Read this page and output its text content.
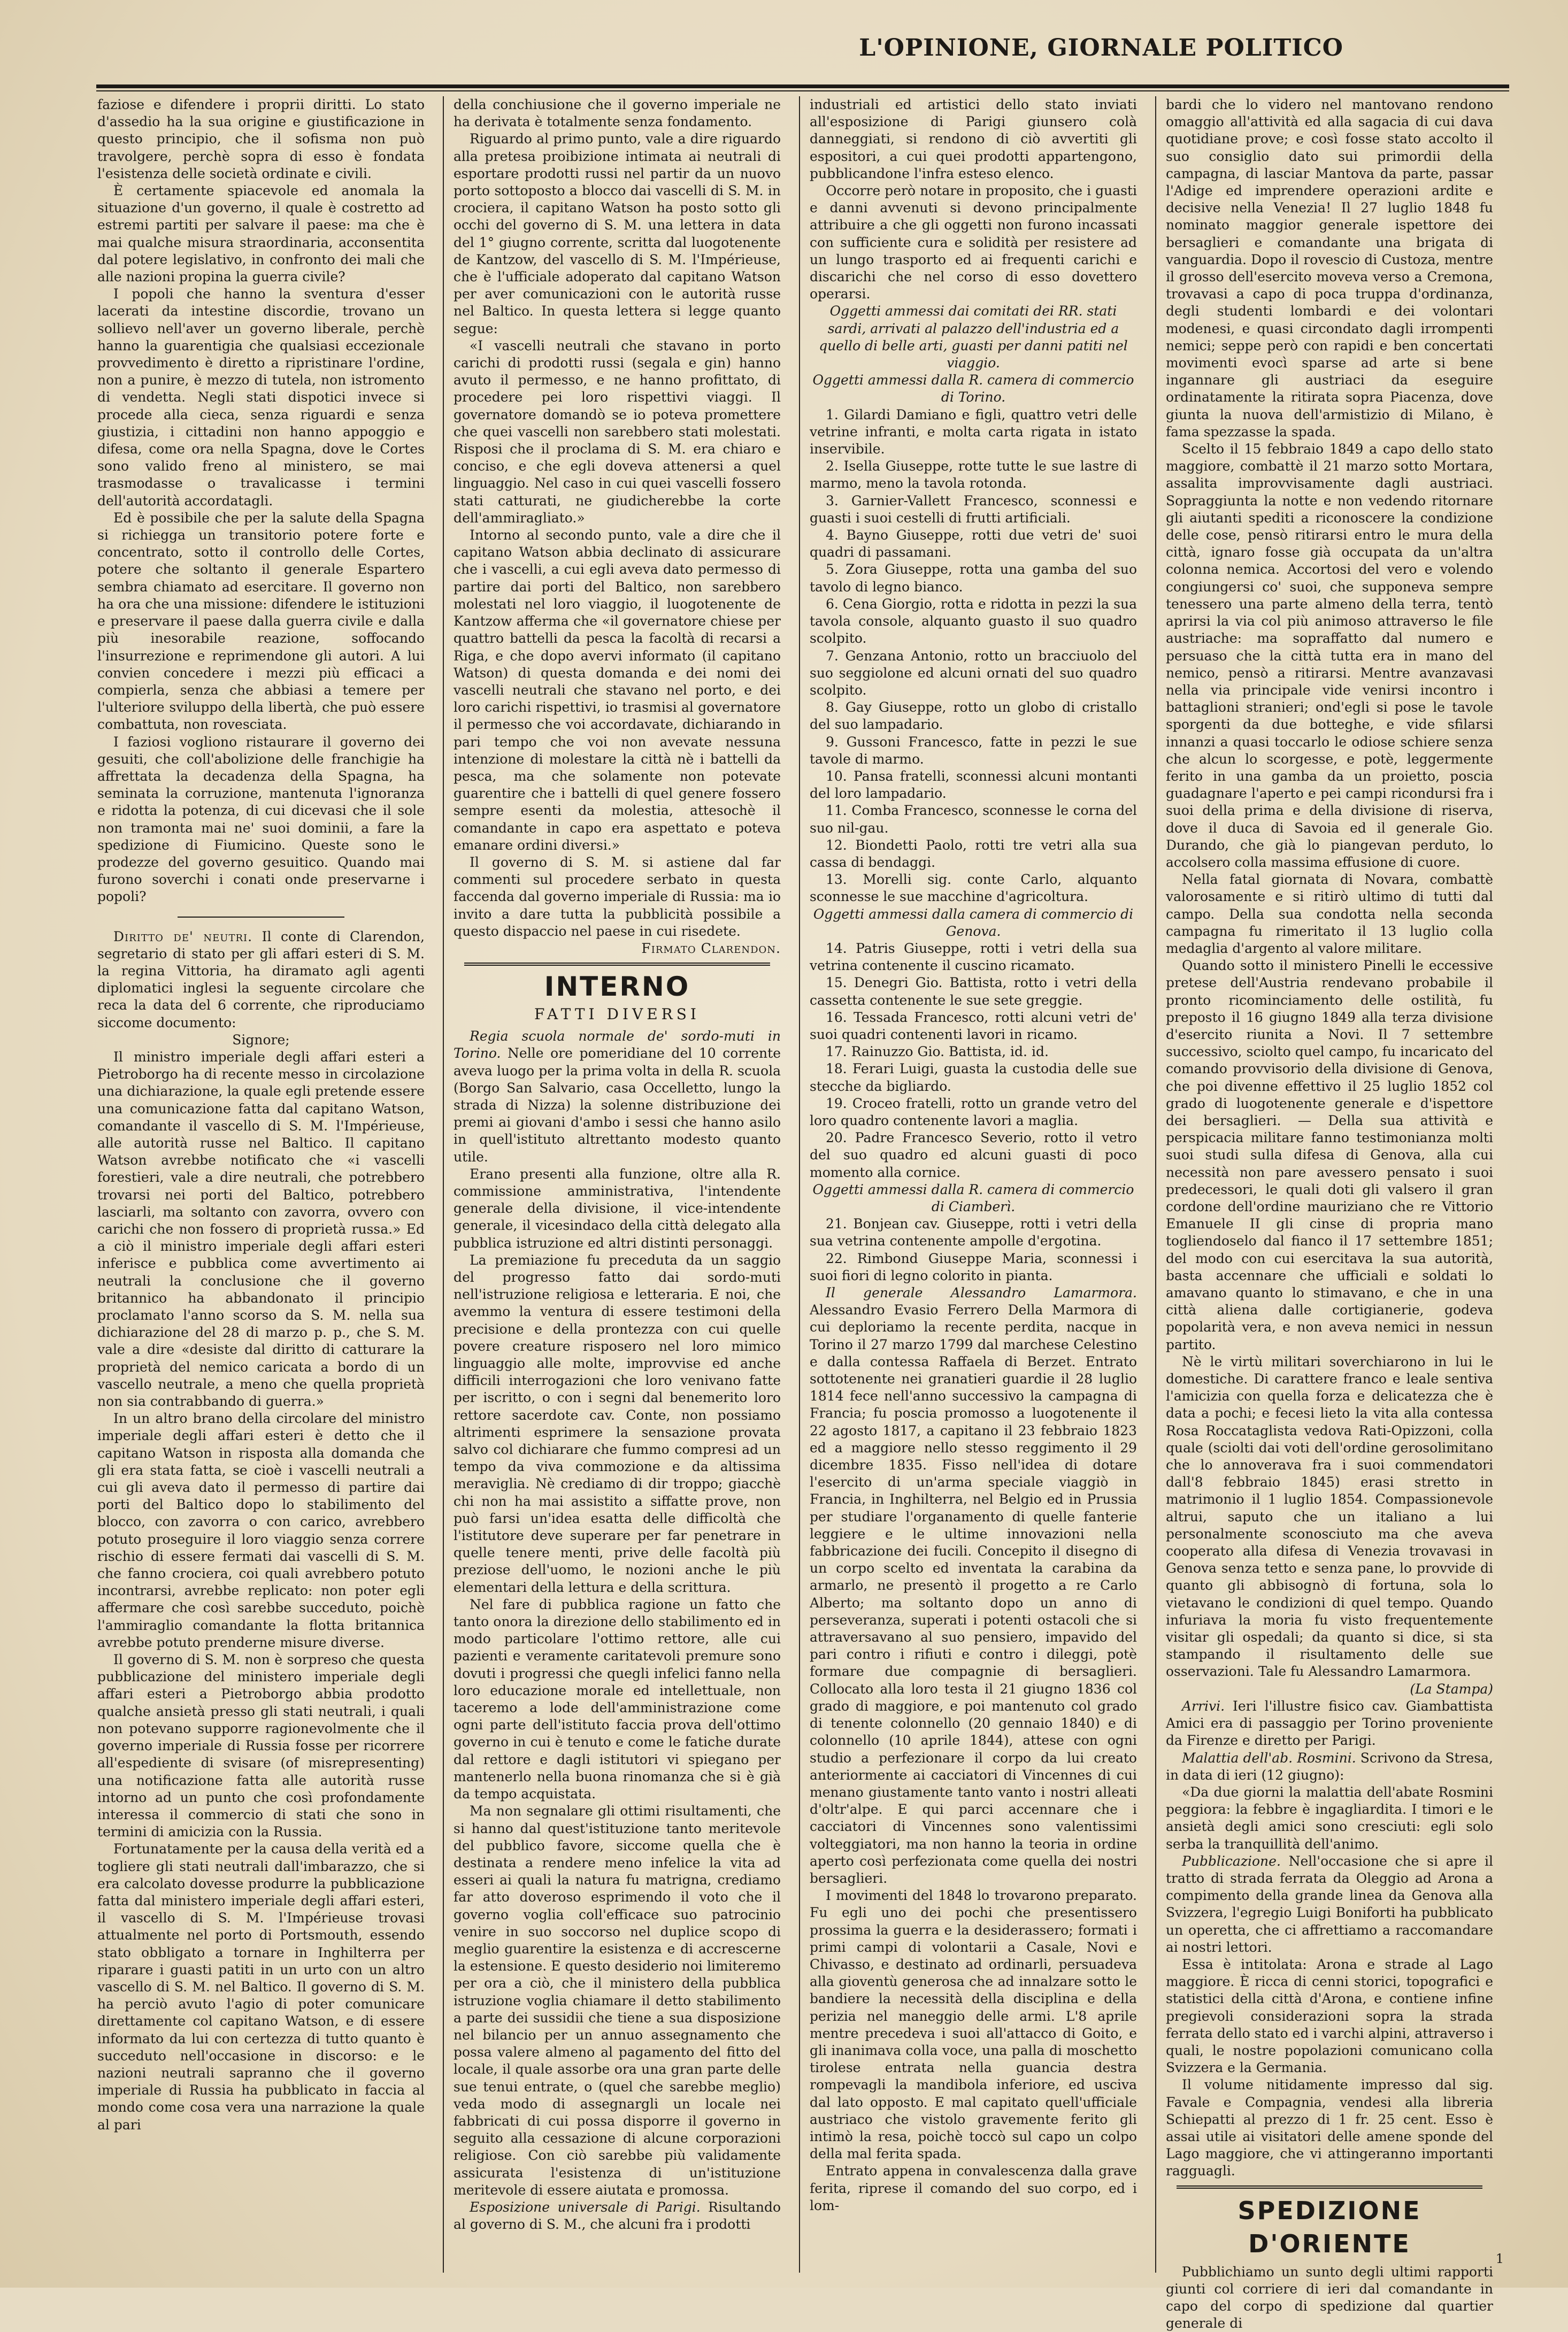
L'OPINIONE, GIORNALE POLITICO

faziose e difendere i proprii diritti. Lo stato d'assedio ha la sua origine e giustificazione in questo principio, che il sofisma non può travolgere, perchè sopra di esso è fondata l'esistenza delle società ordinate e civili.

È certamente spiacevole ed anomala la situazione d'un governo, il quale è costretto ad estremi partiti per salvare il paese: ma che è mai qualche misura straordinaria, acconsentita dal potere legislativo, in confronto dei mali che alle nazioni propina la guerra civile?

I popoli che hanno la sventura d'esser lacerati da intestine discordie, trovano un sollievo nell'aver un governo liberale, perchè hanno la guarentigia che qualsiasi eccezionale provvedimento è diretto a ripristinare l'ordine, non a punire, è mezzo di tutela, non istromento di vendetta. Negli stati dispotici invece si procede alla cieca, senza riguardi e senza giustizia, i cittadini non hanno appoggio e difesa, come ora nella Spagna, dove le Cortes sono valido freno al ministero, se mai trasmodasse o travalicasse i termini dell'autorità accordatagli.

Ed è possibile che per la salute della Spagna si richiegga un transitorio potere forte e concentrato, sotto il controllo delle Cortes, potere che soltanto il generale Espartero sembra chiamato ad esercitare. Il governo non ha ora che una missione: difendere le istituzioni e preservare il paese dalla guerra civile e dalla più inesorabile reazione, soffocando l'insurrezione e reprimendone gli autori. A lui convien concedere i mezzi più efficaci a compierla, senza che abbiasi a temere per l'ulteriore sviluppo della libertà, che può essere combattuta, non rovesciata.

I faziosi vogliono ristaurare il governo dei gesuiti, che coll'abolizione delle franchigie ha affrettata la decadenza della Spagna, ha seminata la corruzione, mantenuta l'ignoranza e ridotta la potenza, di cui dicevasi che il sole non tramonta mai ne' suoi dominii, a fare la spedizione di Fiumicino. Queste sono le prodezze del governo gesuitico. Quando mai furono soverchi i conati onde preservarne i popoli?

Diritto de' neutri. Il conte di Clarendon, segretario di stato per gli affari esteri di S. M. la regina Vittoria, ha diramato agli agenti diplomatici inglesi la seguente circolare che reca la data del 6 corrente, che riproduciamo siccome documento:

Signore;

Il ministro imperiale degli affari esteri a Pietroborgo ha di recente messo in circolazione una dichiarazione, la quale egli pretende essere una comunicazione fatta dal capitano Watson, comandante il vascello di S. M. l'Impérieuse, alle autorità russe nel Baltico. Il capitano Watson avrebbe notificato che «i vascelli forestieri, vale a dire neutrali, che potrebbero trovarsi nei porti del Baltico, potrebbero lasciarli, ma soltanto con zavorra, ovvero con carichi che non fossero di proprietà russa.» Ed a ciò il ministro imperiale degli affari esteri inferisce e pubblica come avvertimento ai neutrali la conclusione che il governo britannico ha abbandonato il principio proclamato l'anno scorso da S. M. nella sua dichiarazione del 28 di marzo p. p., che S. M. vale a dire «desiste dal diritto di catturare la proprietà del nemico caricata a bordo di un vascello neutrale, a meno che quella proprietà non sia contrabbando di guerra.»

In un altro brano della circolare del ministro imperiale degli affari esteri è detto che il capitano Watson in risposta alla domanda che gli era stata fatta, se cioè i vascelli neutrali a cui gli aveva dato il permesso di partire dai porti del Baltico dopo lo stabilimento del blocco, con zavorra o con carico, avrebbero potuto proseguire il loro viaggio senza correre rischio di essere fermati dai vascelli di S. M. che fanno crociera, coi quali avrebbero potuto incontrarsi, avrebbe replicato: non poter egli affermare che così sarebbe succeduto, poichè l'ammiraglio comandante la flotta britannica avrebbe potuto prenderne misure diverse.

Il governo di S. M. non è sorpreso che questa pubblicazione del ministero imperiale degli affari esteri a Pietroborgo abbia prodotto qualche ansietà presso gli stati neutrali, i quali non potevano supporre ragionevolmente che il governo imperiale di Russia fosse per ricorrere all'espediente di svisare (of misrepresenting) una notificazione fatta alle autorità russe intorno ad un punto che così profondamente interessa il commercio di stati che sono in termini di amicizia con la Russia.

Fortunatamente per la causa della verità ed a togliere gli stati neutrali dall'imbarazzo, che si era calcolato dovesse produrre la pubblicazione fatta dal ministero imperiale degli affari esteri, il vascello di S. M. l'Impérieuse trovasi attualmente nel porto di Portsmouth, essendo stato obbligato a tornare in Inghilterra per riparare i guasti patiti in un urto con un altro vascello di S. M. nel Baltico. Il governo di S. M. ha perciò avuto l'agio di poter comunicare direttamente col capitano Watson, e di essere informato da lui con certezza di tutto quanto è succeduto nell'occasione in discorso: e le nazioni neutrali sapranno che il governo imperiale di Russia ha pubblicato in faccia al mondo come cosa vera una narrazione la quale al pari

della conchiusione che il governo imperiale ne ha derivata è totalmente senza fondamento.

Riguardo al primo punto, vale a dire riguardo alla pretesa proibizione intimata ai neutrali di esportare prodotti russi nel partir da un nuovo porto sottoposto a blocco dai vascelli di S. M. in crociera, il capitano Watson ha posto sotto gli occhi del governo di S. M. una lettera in data del 1° giugno corrente, scritta dal luogotenente de Kantzow, del vascello di S. M. l'Impérieuse, che è l'ufficiale adoperato dal capitano Watson per aver comunicazioni con le autorità russe nel Baltico. In questa lettera si legge quanto segue:

«I vascelli neutrali che stavano in porto carichi di prodotti russi (segala e gin) hanno avuto il permesso, e ne hanno profittato, di procedere pei loro rispettivi viaggi. Il governatore domandò se io poteva promettere che quei vascelli non sarebbero stati molestati. Risposi che il proclama di S. M. era chiaro e conciso, e che egli doveva attenersi a quel linguaggio. Nel caso in cui quei vascelli fossero stati catturati, ne giudicherebbe la corte dell'ammiragliato.»

Intorno al secondo punto, vale a dire che il capitano Watson abbia declinato di assicurare che i vascelli, a cui egli aveva dato permesso di partire dai porti del Baltico, non sarebbero molestati nel loro viaggio, il luogotenente de Kantzow afferma che «il governatore chiese per quattro battelli da pesca la facoltà di recarsi a Riga, e che dopo avervi informato (il capitano Watson) di questa domanda e dei nomi dei vascelli neutrali che stavano nel porto, e dei loro carichi rispettivi, io trasmisi al governatore il permesso che voi accordavate, dichiarando in pari tempo che voi non avevate nessuna intenzione di molestare la città nè i battelli da pesca, ma che solamente non potevate guarentire che i battelli di quel genere fossero sempre esenti da molestia, attesochè il comandante in capo era aspettato e poteva emanare ordini diversi.»

Il governo di S. M. si astiene dal far commenti sul procedere serbato in questa faccenda dal governo imperiale di Russia: ma io invito a dare tutta la pubblicità possibile a questo dispaccio nel paese in cui risedete.

Firmato Clarendon.

INTERNO
FATTI DIVERSI

Regia scuola normale de' sordo-muti in Torino. Nelle ore pomeridiane del 10 corrente aveva luogo per la prima volta in della R. scuola (Borgo San Salvario, casa Occelletto, lungo la strada di Nizza) la solenne distribuzione dei premi ai giovani d'ambo i sessi che hanno asilo in quell'istituto altrettanto modesto quanto utile.

Erano presenti alla funzione, oltre alla R. commissione amministrativa, l'intendente generale della divisione, il vice-intendente generale, il vicesindaco della città delegato alla pubblica istruzione ed altri distinti personaggi.

La premiazione fu preceduta da un saggio del progresso fatto dai sordo-muti nell'istruzione religiosa e letteraria. E noi, che avemmo la ventura di essere testimoni della precisione e della prontezza con cui quelle povere creature risposero nel loro mimico linguaggio alle molte, improvvise ed anche difficili interrogazioni che loro venivano fatte per iscritto, o con i segni dal benemerito loro rettore sacerdote cav. Conte, non possiamo altrimenti esprimere la sensazione provata salvo col dichiarare che fummo compresi ad un tempo da viva commozione e da altissima meraviglia. Nè crediamo di dir troppo; giacchè chi non ha mai assistito a siffatte prove, non può farsi un'idea esatta delle difficoltà che l'istitutore deve superare per far penetrare in quelle tenere menti, prive delle facoltà più preziose dell'uomo, le nozioni anche le più elementari della lettura e della scrittura.

Nel fare di pubblica ragione un fatto che tanto onora la direzione dello stabilimento ed in modo particolare l'ottimo rettore, alle cui pazienti e veramente caritatevoli premure sono dovuti i progressi che quegli infelici fanno nella loro educazione morale ed intellettuale, non taceremo a lode dell'amministrazione come ogni parte dell'istituto faccia prova dell'ottimo governo in cui è tenuto e come le fatiche durate dal rettore e dagli istitutori vi spiegano per mantenerlo nella buona rinomanza che si è già da tempo acquistata.

Ma non segnalare gli ottimi risultamenti, che si hanno dal quest'istituzione tanto meritevole del pubblico favore, siccome quella che è destinata a rendere meno infelice la vita ad esseri ai quali la natura fu matrigna, crediamo far atto doveroso esprimendo il voto che il governo voglia coll'efficace suo patrocinio venire in suo soccorso nel duplice scopo di meglio guarentire la esistenza e di accrescerne la estensione. E questo desiderio noi limiteremo per ora a ciò, che il ministero della pubblica istruzione voglia chiamare il detto stabilimento a parte dei sussidii che tiene a sua disposizione nel bilancio per un annuo assegnamento che possa valere almeno al pagamento del fitto del locale, il quale assorbe ora una gran parte delle sue tenui entrate, o (quel che sarebbe meglio) veda modo di assegnargli un locale nei fabbricati di cui possa disporre il governo in seguito alla cessazione di alcune corporazioni religiose. Con ciò sarebbe più validamente assicurata l'esistenza di un'istituzione meritevole di essere aiutata e promossa.

Esposizione universale di Parigi. Risultando al governo di S. M., che alcuni fra i prodotti

industriali ed artistici dello stato inviati all'esposizione di Parigi giunsero colà danneggiati, si rendono di ciò avvertiti gli espositori, a cui quei prodotti appartengono, pubblicandone l'infra esteso elenco.

Occorre però notare in proposito, che i guasti e danni avvenuti si devono principalmente attribuire a che gli oggetti non furono incassati con sufficiente cura e solidità per resistere ad un lungo trasporto ed ai frequenti carichi e discarichi che nel corso di esso dovettero operarsi.

Oggetti ammessi dai comitati dei RR. stati sardi, arrivati al palazzo dell'industria ed a quello di belle arti, guasti per danni patiti nel viaggio.

Oggetti ammessi dalla R. camera di commercio di Torino.

1. Gilardi Damiano e figli, quattro vetri delle vetrine infranti, e molta carta rigata in istato inservibile.

2. Isella Giuseppe, rotte tutte le sue lastre di marmo, meno la tavola rotonda.

3. Garnier-Vallett Francesco, sconnessi e guasti i suoi cestelli di frutti artificiali.

4. Bayno Giuseppe, rotti due vetri de' suoi quadri di passamani.

5. Zora Giuseppe, rotta una gamba del suo tavolo di legno bianco.

6. Cena Giorgio, rotta e ridotta in pezzi la sua tavola console, alquanto guasto il suo quadro scolpito.

7. Genzana Antonio, rotto un bracciuolo del suo seggiolone ed alcuni ornati del suo quadro scolpito.

8. Gay Giuseppe, rotto un globo di cristallo del suo lampadario.

9. Gussoni Francesco, fatte in pezzi le sue tavole di marmo.

10. Pansa fratelli, sconnessi alcuni montanti del loro lampadario.

11. Comba Francesco, sconnesse le corna del suo nil-gau.

12. Biondetti Paolo, rotti tre vetri alla sua cassa di bendaggi.

13. Morelli sig. conte Carlo, alquanto sconnesse le sue macchine d'agricoltura.

Oggetti ammessi dalla camera di commercio di Genova.

14. Patris Giuseppe, rotti i vetri della sua vetrina contenente il cuscino ricamato.

15. Denegri Gio. Battista, rotto i vetri della cassetta contenente le sue sete greggie.

16. Tessada Francesco, rotti alcuni vetri de' suoi quadri contenenti lavori in ricamo.

17. Rainuzzo Gio. Battista, id. id.

18. Ferari Luigi, guasta la custodia delle sue stecche da bigliardo.

19. Croceo fratelli, rotto un grande vetro del loro quadro contenente lavori a maglia.

20. Padre Francesco Severio, rotto il vetro del suo quadro ed alcuni guasti di poco momento alla cornice.

Oggetti ammessi dalla R. camera di commercio di Ciamberì.

21. Bonjean cav. Giuseppe, rotti i vetri della sua vetrina contenente ampolle d'ergotina.

22. Rimbond Giuseppe Maria, sconnessi i suoi fiori di legno colorito in pianta.

Il generale Alessandro Lamarmora. Alessandro Evasio Ferrero Della Marmora di cui deploriamo la recente perdita, nacque in Torino il 27 marzo 1799 dal marchese Celestino e dalla contessa Raffaela di Berzet. Entrato sottotenente nei granatieri guardie il 28 luglio 1814 fece nell'anno successivo la campagna di Francia; fu poscia promosso a luogotenente il 22 agosto 1817, a capitano il 23 febbraio 1823 ed a maggiore nello stesso reggimento il 29 dicembre 1835. Fisso nell'idea di dotare l'esercito di un'arma speciale viaggiò in Francia, in Inghilterra, nel Belgio ed in Prussia per studiare l'organamento di quelle fanterie leggiere e le ultime innovazioni nella fabbricazione dei fucili. Concepito il disegno di un corpo scelto ed inventata la carabina da armarlo, ne presentò il progetto a re Carlo Alberto; ma soltanto dopo un anno di perseveranza, superati i potenti ostacoli che si attraversavano al suo pensiero, impavido del pari contro i rifiuti e contro i dileggi, potè formare due compagnie di bersaglieri. Collocato alla loro testa il 21 giugno 1836 col grado di maggiore, e poi mantenuto col grado di tenente colonnello (20 gennaio 1840) e di colonnello (10 aprile 1844), attese con ogni studio a perfezionare il corpo da lui creato anteriormente ai cacciatori di Vincennes di cui menano giustamente tanto vanto i nostri alleati d'oltr'alpe. E qui parci accennare che i cacciatori di Vincennes sono valentissimi volteggiatori, ma non hanno la teoria in ordine aperto così perfezionata come quella dei nostri bersaglieri.

I movimenti del 1848 lo trovarono preparato. Fu egli uno dei pochi che presentissero prossima la guerra e la desiderassero; formati i primi campi di volontarii a Casale, Novi e Chivasso, e destinato ad ordinarli, persuadeva alla gioventù generosa che ad innalzare sotto le bandiere la necessità della disciplina e della perizia nel maneggio delle armi. L'8 aprile mentre precedeva i suoi all'attacco di Goito, e gli inanimava colla voce, una palla di moschetto tirolese entrata nella guancia destra rompevagli la mandibola inferiore, ed usciva dal lato opposto. E mal capitato quell'ufficiale austriaco che vistolo gravemente ferito gli intimò la resa, poichè toccò sul capo un colpo della mal ferita spada.

Entrato appena in convalescenza dalla grave ferita, riprese il comando del suo corpo, ed i lom-

bardi che lo videro nel mantovano rendono omaggio all'attività ed alla sagacia di cui dava quotidiane prove; e così fosse stato accolto il suo consiglio dato sui primordii della campagna, di lasciar Mantova da parte, passar l'Adige ed imprendere operazioni ardite e decisive nella Venezia! Il 27 luglio 1848 fu nominato maggior generale ispettore dei bersaglieri e comandante una brigata di vanguardia. Dopo il rovescio di Custoza, mentre il grosso dell'esercito moveva verso a Cremona, trovavasi a capo di poca truppa d'ordinanza, degli studenti lombardi e dei volontari modenesi, e quasi circondato dagli irrompenti nemici; seppe però con rapidi e ben concertati movimenti evocì sparse ad arte si bene ingannare gli austriaci da eseguire ordinatamente la ritirata sopra Piacenza, dove giunta la nuova dell'armistizio di Milano, è fama spezzasse la spada.

Scelto il 15 febbraio 1849 a capo dello stato maggiore, combattè il 21 marzo sotto Mortara, assalita improvvisamente dagli austriaci. Sopraggiunta la notte e non vedendo ritornare gli aiutanti spediti a riconoscere la condizione delle cose, pensò ritirarsi entro le mura della città, ignaro fosse già occupata da un'altra colonna nemica. Accortosi del vero e volendo congiungersi co' suoi, che supponeva sempre tenessero una parte almeno della terra, tentò aprirsi la via col più animoso attraverso le file austriache: ma sopraffatto dal numero e persuaso che la città tutta era in mano del nemico, pensò a ritirarsi. Mentre avanzavasi nella via principale vide venirsi incontro i battaglioni stranieri; ond'egli si pose le tavole sporgenti da due botteghe, e vide sfilarsi innanzi a quasi toccarlo le odiose schiere senza che alcun lo scorgesse, e potè, leggermente ferito in una gamba da un proietto, poscia guadagnare l'aperto e pei campi ricondursi fra i suoi della prima e della divisione di riserva, dove il duca di Savoia ed il generale Gio. Durando, che già lo piangevan perduto, lo accolsero colla massima effusione di cuore.

Nella fatal giornata di Novara, combattè valorosamente e si ritirò ultimo di tutti dal campo. Della sua condotta nella seconda campagna fu rimeritato il 13 luglio colla medaglia d'argento al valore militare.

Quando sotto il ministero Pinelli le eccessive pretese dell'Austria rendevano probabile il pronto ricominciamento delle ostilità, fu preposto il 16 giugno 1849 alla terza divisione d'esercito riunita a Novi. Il 7 settembre successivo, sciolto quel campo, fu incaricato del comando provvisorio della divisione di Genova, che poi divenne effettivo il 25 luglio 1852 col grado di luogotenente generale e d'ispettore dei bersaglieri. — Della sua attività e perspicacia militare fanno testimonianza molti suoi studi sulla difesa di Genova, alla cui necessità non pare avessero pensato i suoi predecessori, le quali doti gli valsero il gran cordone dell'ordine mauriziano che re Vittorio Emanuele II gli cinse di propria mano togliendoselo dal fianco il 17 settembre 1851; del modo con cui esercitava la sua autorità, basta accennare che ufficiali e soldati lo amavano quanto lo stimavano, e che in una città aliena dalle cortigianerie, godeva popolarità vera, e non aveva nemici in nessun partito.

Nè le virtù militari soverchiarono in lui le domestiche. Di carattere franco e leale sentiva l'amicizia con quella forza e delicatezza che è data a pochi; e fecesi lieto la vita alla contessa Rosa Roccataglista vedova Rati-Opizzoni, colla quale (sciolti dai voti dell'ordine gerosolimitano che lo annoverava fra i suoi commendatori dall'8 febbraio 1845) erasi stretto in matrimonio il 1 luglio 1854. Compassionevole altrui, saputo che un italiano a lui personalmente sconosciuto ma che aveva cooperato alla difesa di Venezia trovavasi in Genova senza tetto e senza pane, lo provvide di quanto gli abbisognò di fortuna, sola lo vietavano le condizioni di quel tempo. Quando infuriava la moria fu visto frequentemente visitar gli ospedali; da quanto si dice, si sta stampando il risultamento delle sue osservazioni. Tale fu Alessandro Lamarmora.

(La Stampa)

Arrivi. Ieri l'illustre fisico cav. Giambattista Amici era di passaggio per Torino proveniente da Firenze e diretto per Parigi.

Malattia dell'ab. Rosmini. Scrivono da Stresa, in data di ieri (12 giugno):

«Da due giorni la malattia dell'abate Rosmini peggiora: la febbre è ingagliardita. I timori e le ansietà degli amici sono cresciuti: egli solo serba la tranquillità dell'animo.

Pubblicazione. Nell'occasione che si apre il tratto di strada ferrata da Oleggio ad Arona a compimento della grande linea da Genova alla Svizzera, l'egregio Luigi Boniforti ha pubblicato un operetta, che ci affrettiamo a raccomandare ai nostri lettori.

Essa è intitolata: Arona e strade al Lago maggiore. È ricca di cenni storici, topografici e statistici della città d'Arona, e contiene infine pregievoli considerazioni sopra la strada ferrata dello stato ed i varchi alpini, attraverso i quali, le nostre popolazioni comunicano colla Svizzera e la Germania.

Il volume nitidamente impresso dal sig. Favale e Compagnia, vendesi alla libreria Schiepatti al prezzo di 1 fr. 25 cent. Esso è assai utile ai visitatori delle amene sponde del Lago maggiore, che vi attingeranno importanti ragguagli.

SPEDIZIONE D'ORIENTE

Pubblichiamo un sunto degli ultimi rapporti giunti col corriere di ieri dal comandante in capo del corpo di spedizione dal quartier generale di

1
